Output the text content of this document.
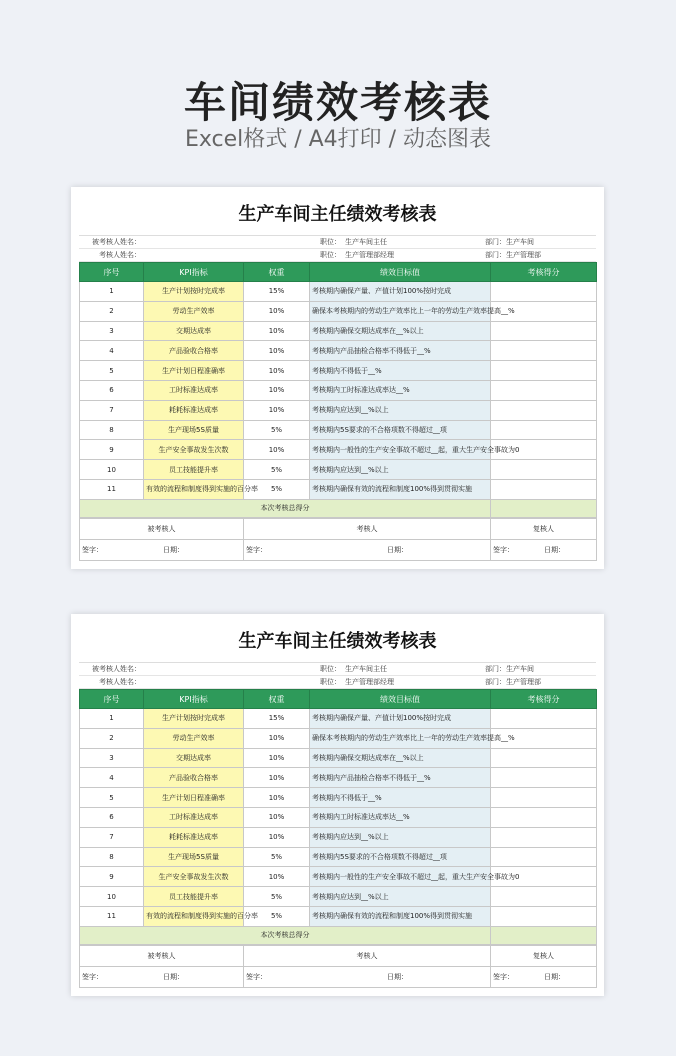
车间绩效考核表
Excel格式 / A4打印 / 动态图表
生产车间主任绩效考核表
被考核人姓名：		职位：	生产车间主任	部门：生产车间
考核人姓名：		职位：	生产管理部经理	部门：生产管理部
序号	KPI指标	权重	绩效目标值	考核得分
1	生产计划按时完成率	15%	考核期内确保产量、产值计划100%按时完成	
2	劳动生产效率	10%	确保本考核期内的劳动生产效率比上一年的劳动生产效率提高__%	
3	交期达成率	10%	考核期内确保交期达成率在__%以上	
4	产品验收合格率	10%	考核期内产品抽检合格率不得低于__%	
5	生产计划日程准确率	10%	考核期内不得低于__%	
6	工时标准达成率	10%	考核期内工时标准达成率达__%	
7	耗耗标准达成率	10%	考核期内应达到__%以上	
8	生产现场5S质量	5%	考核期内5S要求的不合格项数不得超过__项	
9	生产安全事故发生次数	10%	考核期内一般性的生产安全事故不超过__起，重大生产安全事故为0	
10	员工技能提升率	5%	考核期内应达到__%以上	
11	有效的流程和制度得到实施的百分率	5%	考核期内确保有效的流程和制度100%得到贯彻实施	
本次考核总得分				
被考核人	考核人	复核人
签字： 日期：	签字： 日期：	签字： 日期：
生产车间主任绩效考核表
被考核人姓名：		职位：	生产车间主任	部门：生产车间
考核人姓名：		职位：	生产管理部经理	部门：生产管理部
序号	KPI指标	权重	绩效目标值	考核得分
1	生产计划按时完成率	15%	考核期内确保产量、产值计划100%按时完成	
2	劳动生产效率	10%	确保本考核期内的劳动生产效率比上一年的劳动生产效率提高__%	
3	交期达成率	10%	考核期内确保交期达成率在__%以上	
4	产品验收合格率	10%	考核期内产品抽检合格率不得低于__%	
5	生产计划日程准确率	10%	考核期内不得低于__%	
6	工时标准达成率	10%	考核期内工时标准达成率达__%	
7	耗耗标准达成率	10%	考核期内应达到__%以上	
8	生产现场5S质量	5%	考核期内5S要求的不合格项数不得超过__项	
9	生产安全事故发生次数	10%	考核期内一般性的生产安全事故不超过__起，重大生产安全事故为0	
10	员工技能提升率	5%	考核期内应达到__%以上	
11	有效的流程和制度得到实施的百分率	5%	考核期内确保有效的流程和制度100%得到贯彻实施	
本次考核总得分				
被考核人	考核人	复核人
签字： 日期：	签字： 日期：	签字： 日期：
